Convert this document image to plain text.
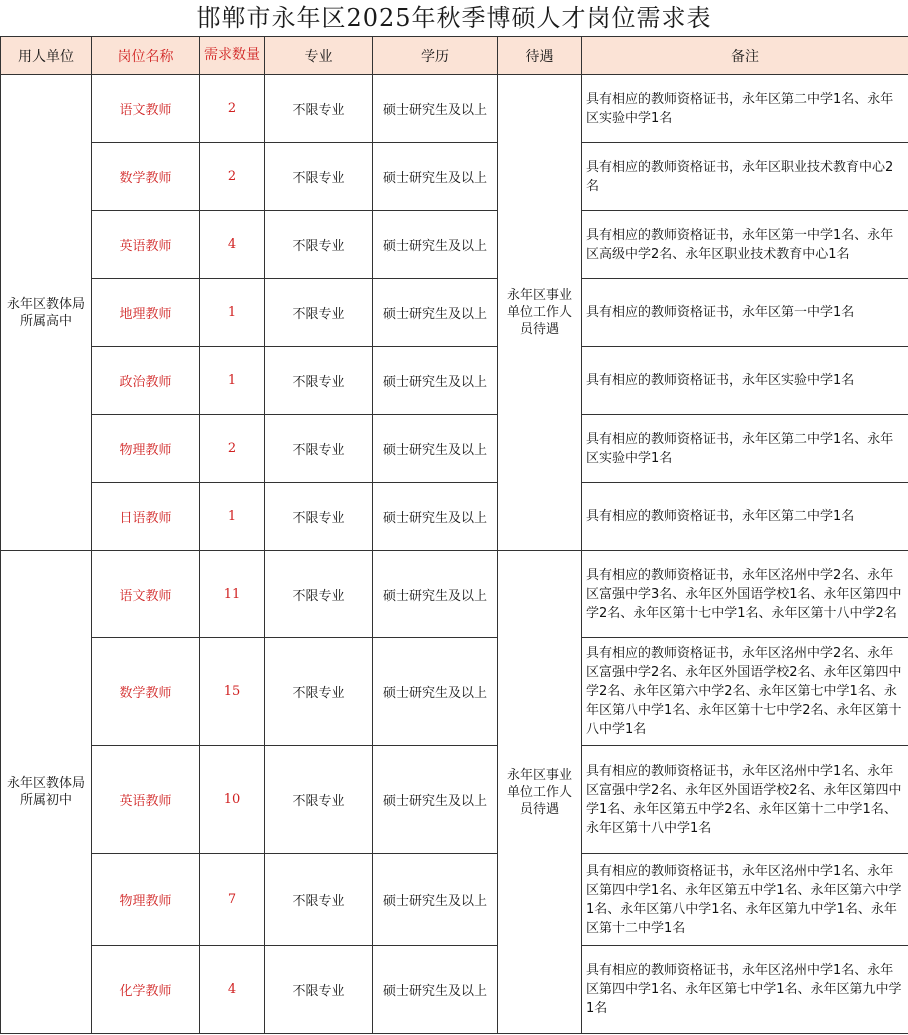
邯郸市永年区2025年秋季博硕人才岗位需求表
用人单位	岗位名称	需求数量	专业	学历	待遇	备注
永年区教体局所属高中	语文教师	2	不限专业	硕士研究生及以上	永年区事业单位工作人员待遇	具有相应的教师资格证书，永年区第二中学1名、永年区实验中学1名
	数学教师	2	不限专业	硕士研究生及以上		具有相应的教师资格证书，永年区职业技术教育中心2名
	英语教师	4	不限专业	硕士研究生及以上		具有相应的教师资格证书，永年区第一中学1名、永年区高级中学2名、永年区职业技术教育中心1名
	地理教师	1	不限专业	硕士研究生及以上		具有相应的教师资格证书，永年区第一中学1名
	政治教师	1	不限专业	硕士研究生及以上		具有相应的教师资格证书，永年区实验中学1名
	物理教师	2	不限专业	硕士研究生及以上		具有相应的教师资格证书，永年区第二中学1名、永年区实验中学1名
	日语教师	1	不限专业	硕士研究生及以上		具有相应的教师资格证书，永年区第二中学1名
永年区教体局所属初中	语文教师	11	不限专业	硕士研究生及以上	永年区事业单位工作人员待遇	具有相应的教师资格证书，永年区洺州中学2名、永年区富强中学3名、永年区外国语学校1名、永年区第四中学2名、永年区第十七中学1名、永年区第十八中学2名
	数学教师	15	不限专业	硕士研究生及以上		具有相应的教师资格证书，永年区洺州中学2名、永年区富强中学2名、永年区外国语学校2名、永年区第四中学2名、永年区第六中学2名、永年区第七中学1名、永年区第八中学1名、永年区第十七中学2名、永年区第十八中学1名
	英语教师	10	不限专业	硕士研究生及以上		具有相应的教师资格证书，永年区洺州中学1名、永年区富强中学2名、永年区外国语学校2名、永年区第四中学1名、永年区第五中学2名、永年区第十二中学1名、永年区第十八中学1名
	物理教师	7	不限专业	硕士研究生及以上		具有相应的教师资格证书，永年区洺州中学1名、永年区第四中学1名、永年区第五中学1名、永年区第六中学1名、永年区第八中学1名、永年区第九中学1名、永年区第十二中学1名
	化学教师	4	不限专业	硕士研究生及以上		具有相应的教师资格证书，永年区洺州中学1名、永年区第四中学1名、永年区第七中学1名、永年区第九中学1名
